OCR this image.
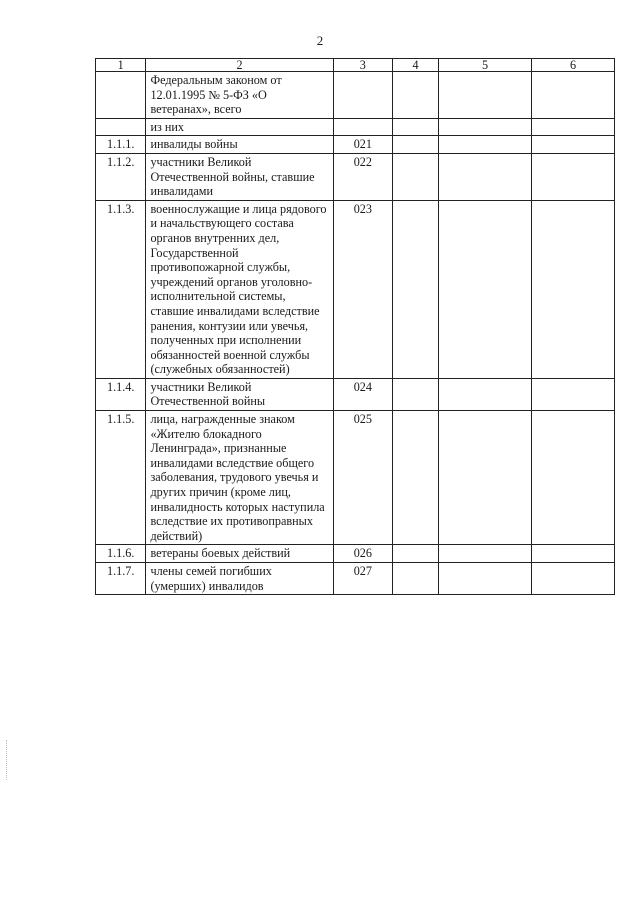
2
1	2	3	4	5	6
	Федеральным законом от 12.01.1995 № 5-ФЗ «О ветеранах», всего				
	из них				
1.1.1.	инвалиды войны	021			
1.1.2.	участники Великой Отечественной войны, ставшие инвалидами	022			
1.1.3.	военнослужащие и лица рядового и начальствующего состава органов внутренних дел, Государственной противопожарной службы, учреждений органов уголовно-исполнительной системы, ставшие инвалидами вследствие ранения, контузии или увечья, полученных при исполнении обязанностей военной службы (служебных обязанностей)	023			
1.1.4.	участники Великой Отечественной войны	024			
1.1.5.	лица, награжденные знаком «Жителю блокадного Ленинграда», признанные инвалидами вследствие общего заболевания, трудового увечья и других причин (кроме лиц, инвалидность которых наступила вследствие их противоправных действий)	025			
1.1.6.	ветераны боевых действий	026			
1.1.7.	члены семей погибших (умерших) инвалидов	027			
